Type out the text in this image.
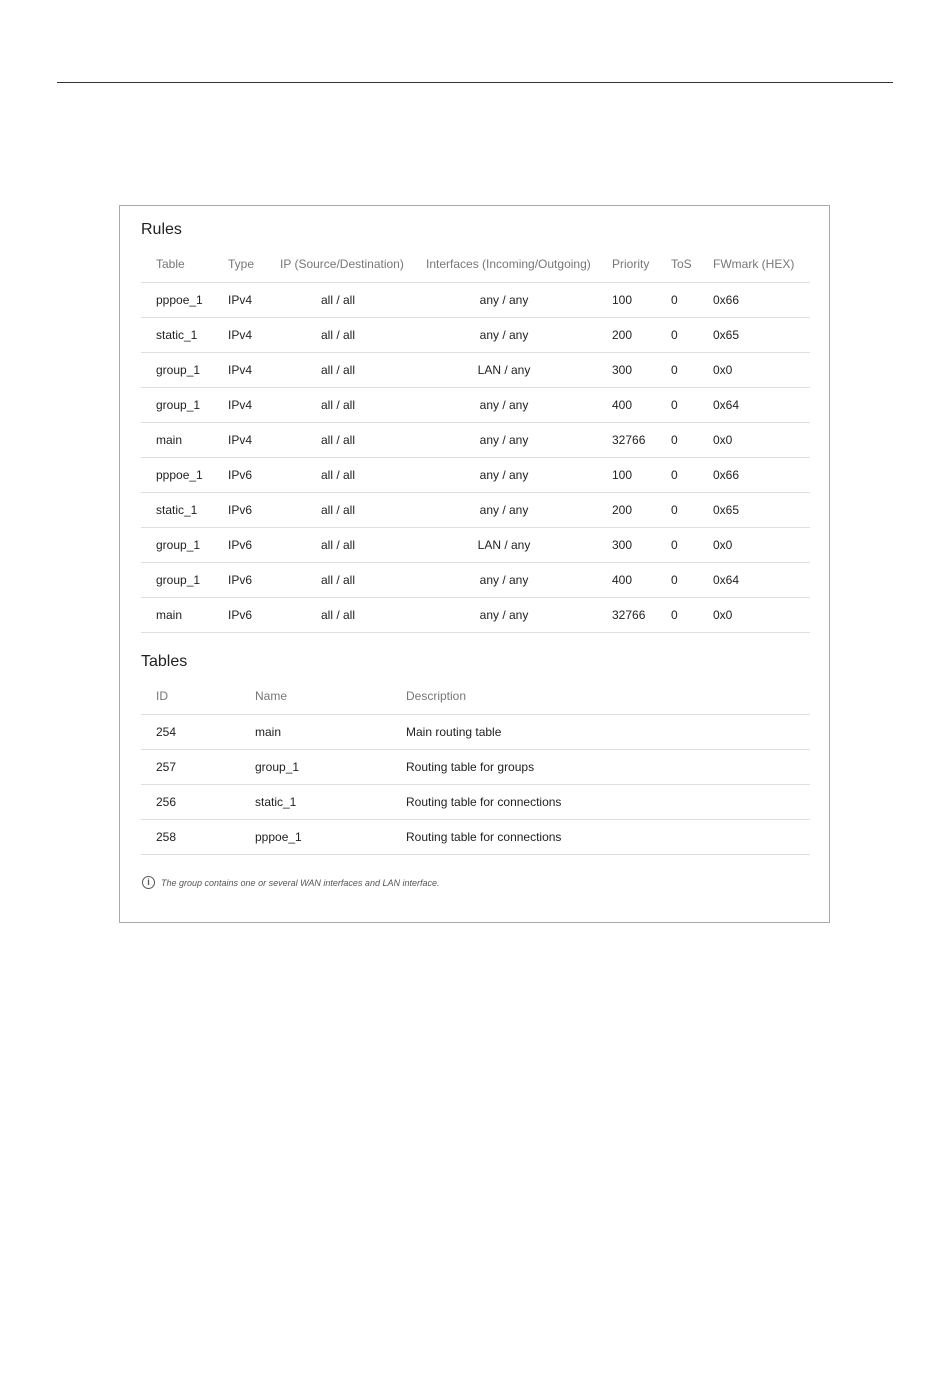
Rules
Table	Type	IP (Source/Destination)	Interfaces (Incoming/Outgoing)	Priority	ToS	FWmark (HEX)
pppoe_1	IPv4	all / all	any / any	100	0	0x66
static_1	IPv4	all / all	any / any	200	0	0x65
group_1	IPv4	all / all	LAN / any	300	0	0x0
group_1	IPv4	all / all	any / any	400	0	0x64
main	IPv4	all / all	any / any	32766	0	0x0
pppoe_1	IPv6	all / all	any / any	100	0	0x66
static_1	IPv6	all / all	any / any	200	0	0x65
group_1	IPv6	all / all	LAN / any	300	0	0x0
group_1	IPv6	all / all	any / any	400	0	0x64
main	IPv6	all / all	any / any	32766	0	0x0
Tables
ID	Name	Description
254	main	Main routing table
257	group_1	Routing table for groups
256	static_1	Routing table for connections
258	pppoe_1	Routing table for connections
i	The group contains one or several WAN interfaces and LAN interface.
